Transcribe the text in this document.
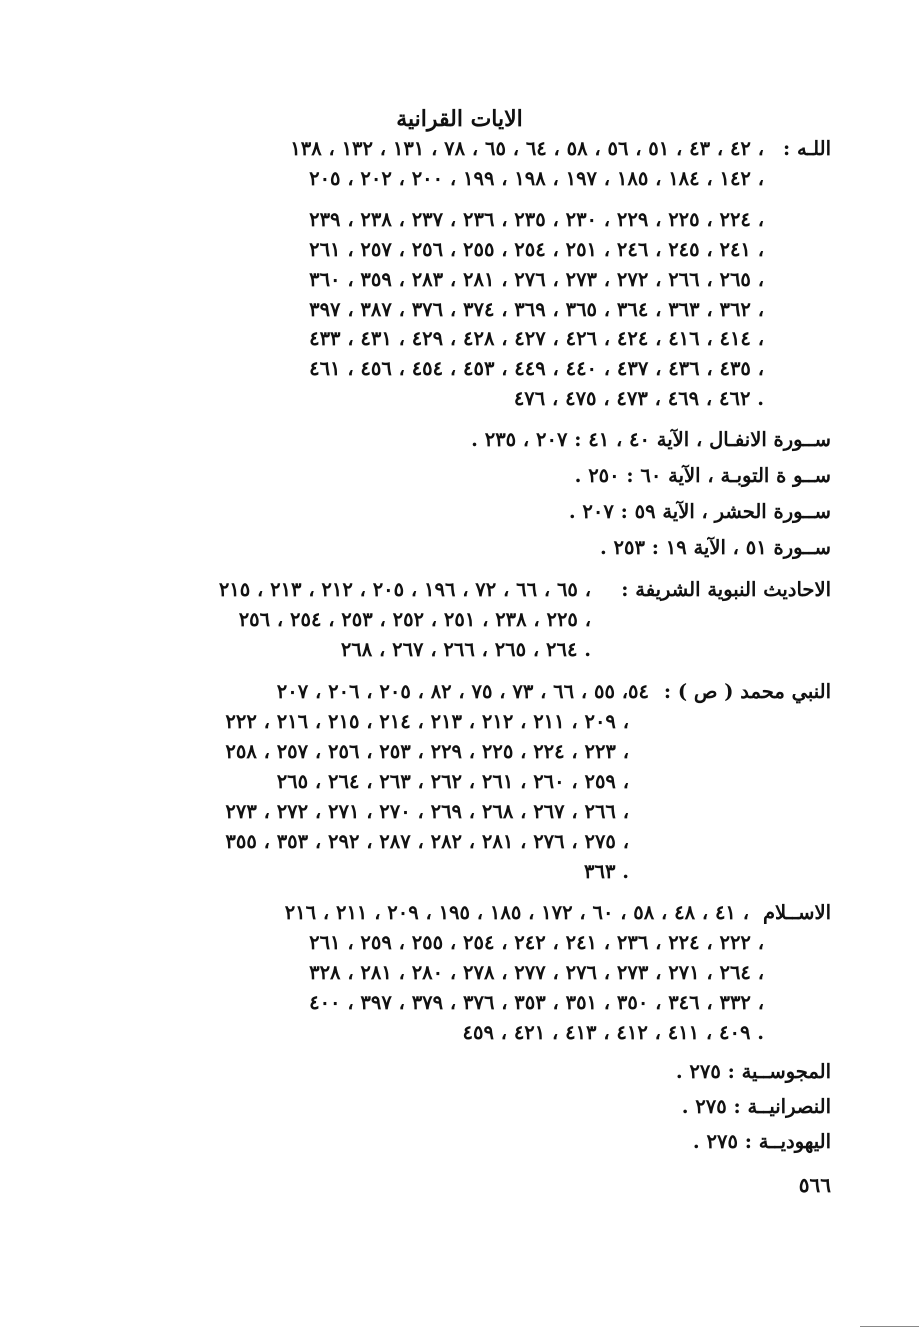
الايات القرانية
اللـه :
٤٢ ، ٤٣ ، ٥١ ، ٥٦ ، ٥٨ ، ٦٤ ، ٦٥ ، ٧٨ ، ١٣١ ، ١٣٢ ، ١٣٨ ،
١٤٢ ، ١٨٤ ، ١٨٥ ، ١٩٧ ، ١٩٨ ، ١٩٩ ، ٢٠٠ ، ٢٠٢ ، ٢٠٥ ،
٢٢٤ ، ٢٢٥ ، ٢٢٩ ، ٢٣٠ ، ٢٣٥ ، ٢٣٦ ، ٢٣٧ ، ٢٣٨ ، ٢٣٩ ،
٢٤١ ، ٢٤٥ ، ٢٤٦ ، ٢٥١ ، ٢٥٤ ، ٢٥٥ ، ٢٥٦ ، ٢٥٧ ، ٢٦١ ،
٢٦٥ ، ٢٦٦ ، ٢٧٢ ، ٢٧٣ ، ٢٧٦ ، ٢٨١ ، ٢٨٣ ، ٣٥٩ ، ٣٦٠ ،
٣٦٢ ، ٣٦٣ ، ٣٦٤ ، ٣٦٥ ، ٣٦٩ ، ٣٧٤ ، ٣٧٦ ، ٣٨٧ ، ٣٩٧ ،
٤١٤ ، ٤١٦ ، ٤٢٤ ، ٤٢٦ ، ٤٢٧ ، ٤٢٨ ، ٤٢٩ ، ٤٣١ ، ٤٣٣ ،
٤٣٥ ، ٤٣٦ ، ٤٣٧ ، ٤٤٠ ، ٤٤٩ ، ٤٥٣ ، ٤٥٤ ، ٤٥٦ ، ٤٦١ ،
٤٦٢ ، ٤٦٩ ، ٤٧٣ ، ٤٧٥ ، ٤٧٦ .
ســورة الانفـال ، الآية ٤٠ ، ٤١ : ٢٠٧ ، ٢٣٥ .
ســو ة التوبـة ، الآية ٦٠ : ٢٥٠ .
ســورة الحشر ، الآية ٥٩ : ٢٠٧ .
ســورة ٥١ ، الآية ١٩ : ٢٥٣ .
الاحاديث النبوية الشريفة :
٦٥ ، ٦٦ ، ٧٢ ، ١٩٦ ، ٢٠٥ ، ٢١٢ ، ٢١٣ ، ٢١٥ ،
٢٢٥ ، ٢٣٨ ، ٢٥١ ، ٢٥٢ ، ٢٥٣ ، ٢٥٤ ، ٢٥٦ ،
٢٦٤ ، ٢٦٥ ، ٢٦٦ ، ٢٦٧ ، ٢٦٨ .
النبي محمد ( ص ) :
٥٤، ٥٥ ، ٦٦ ، ٧٣ ، ٧٥ ، ٨٢ ، ٢٠٥ ، ٢٠٦ ، ٢٠٧
٢٠٩ ، ٢١١ ، ٢١٢ ، ٢١٣ ، ٢١٤ ، ٢١٥ ، ٢١٦ ، ٢٢٢ ،
٢٢٣ ، ٢٢٤ ، ٢٢٥ ، ٢٢٩ ، ٢٥٣ ، ٢٥٦ ، ٢٥٧ ، ٢٥٨ ،
٢٥٩ ، ٢٦٠ ، ٢٦١ ، ٢٦٢ ، ٢٦٣ ، ٢٦٤ ، ٢٦٥ ،
٢٦٦ ، ٢٦٧ ، ٢٦٨ ، ٢٦٩ ، ٢٧٠ ، ٢٧١ ، ٢٧٢ ، ٢٧٣ ،
٢٧٥ ، ٢٧٦ ، ٢٨١ ، ٢٨٢ ، ٢٨٧ ، ٢٩٢ ، ٣٥٣ ، ٣٥٥ ،
٣٦٣ .
الاســلام
٤١ ، ٤٨ ، ٥٨ ، ٦٠ ، ١٧٢ ، ١٨٥ ، ١٩٥ ، ٢٠٩ ، ٢١١ ، ٢١٦ ،
٢٢٢ ، ٢٢٤ ، ٢٣٦ ، ٢٤١ ، ٢٤٢ ، ٢٥٤ ، ٢٥٥ ، ٢٥٩ ، ٢٦١ ،
٢٦٤ ، ٢٧١ ، ٢٧٣ ، ٢٧٦ ، ٢٧٧ ، ٢٧٨ ، ٢٨٠ ، ٢٨١ ، ٣٢٨ ،
٣٣٢ ، ٣٤٦ ، ٣٥٠ ، ٣٥١ ، ٣٥٣ ، ٣٧٦ ، ٣٧٩ ، ٣٩٧ ، ٤٠٠ ،
٤٠٩ ، ٤١١ ، ٤١٢ ، ٤١٣ ، ٤٢١ ، ٤٥٩ .
المجوســية : ٢٧٥ .
النصرانيــة : ٢٧٥ .
اليهوديــة : ٢٧٥ .
٥٦٦
